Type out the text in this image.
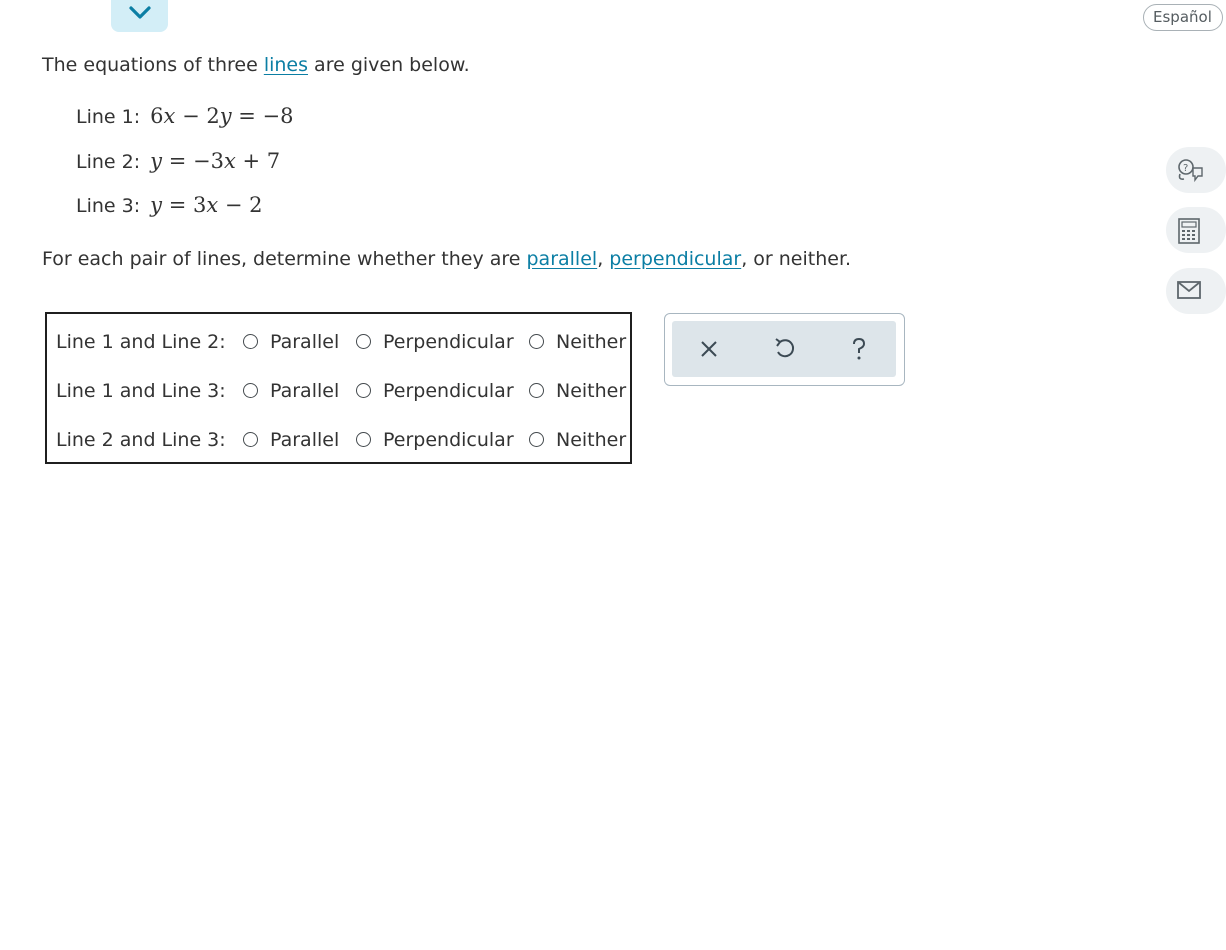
Español
?
The equations of three lines are given below.
Line 1: 6x − 2y = −8
Line 2: y = −3x + 7
Line 3: y = 3x − 2
For each pair of lines, determine whether they are parallel, perpendicular, or neither.
Line 1 and Line 2: Parallel Perpendicular Neither
Line 1 and Line 3: Parallel Perpendicular Neither
Line 2 and Line 3: Parallel Perpendicular Neither
